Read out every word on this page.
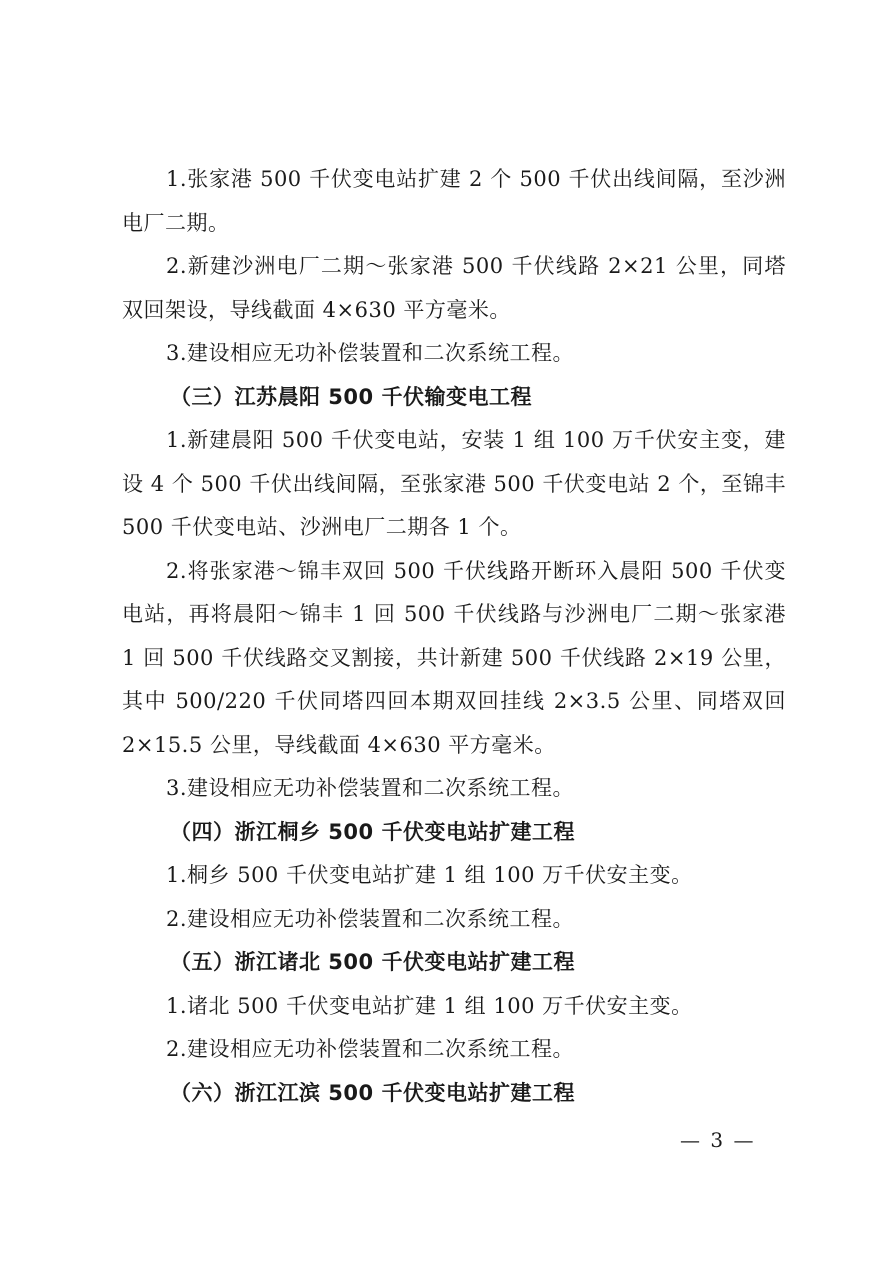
1.张家港 500 千伏变电站扩建 2 个 500 千伏出线间隔，至沙洲电厂二期。

2.新建沙洲电厂二期～张家港 500 千伏线路 2×21 公里，同塔双回架设，导线截面 4×630 平方毫米。

3.建设相应无功补偿装置和二次系统工程。

（三）江苏晨阳 500 千伏输变电工程

1.新建晨阳 500 千伏变电站，安装 1 组 100 万千伏安主变，建设 4 个 500 千伏出线间隔，至张家港 500 千伏变电站 2 个，至锦丰 500 千伏变电站、沙洲电厂二期各 1 个。

2.将张家港～锦丰双回 500 千伏线路开断环入晨阳 500 千伏变电站，再将晨阳～锦丰 1 回 500 千伏线路与沙洲电厂二期～张家港 1 回 500 千伏线路交叉割接，共计新建 500 千伏线路 2×19 公里，其中 500/220 千伏同塔四回本期双回挂线 2×3.5 公里、同塔双回 2×15.5 公里，导线截面 4×630 平方毫米。

3.建设相应无功补偿装置和二次系统工程。

（四）浙江桐乡 500 千伏变电站扩建工程

1.桐乡 500 千伏变电站扩建 1 组 100 万千伏安主变。

2.建设相应无功补偿装置和二次系统工程。

（五）浙江诸北 500 千伏变电站扩建工程

1.诸北 500 千伏变电站扩建 1 组 100 万千伏安主变。

2.建设相应无功补偿装置和二次系统工程。

（六）浙江江滨 500 千伏变电站扩建工程

— 3 —
